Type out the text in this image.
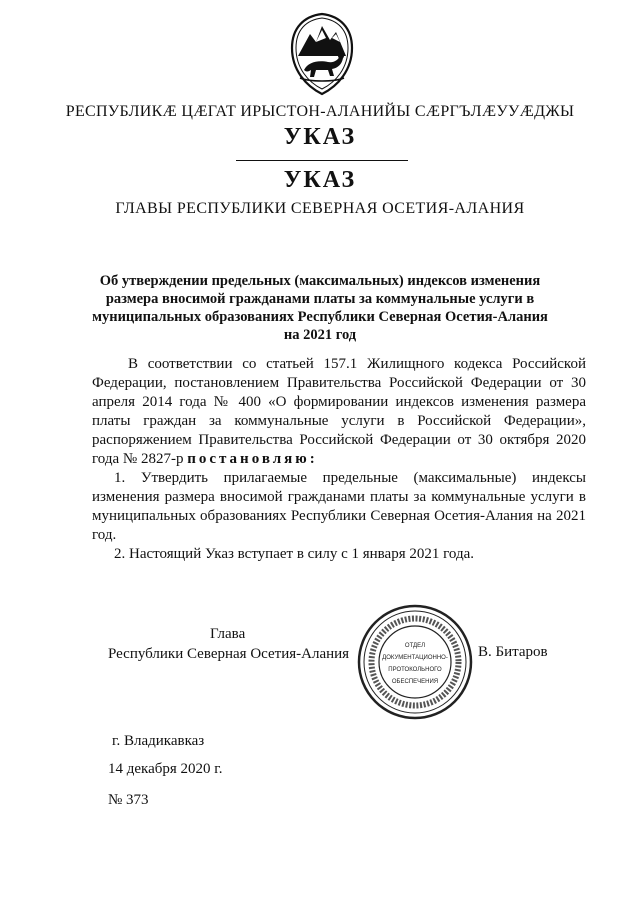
РЕСПУБЛИКÆ ЦÆГАТ ИРЫСТОН-АЛАНИЙЫ СÆРГЪЛÆУУÆДЖЫ
УКАЗ
УКАЗ
ГЛАВЫ РЕСПУБЛИКИ СЕВЕРНАЯ ОСЕТИЯ-АЛАНИЯ
Об утверждении предельных (максимальных) индексов изменения
размера вносимой гражданами платы за коммунальные услуги в
муниципальных образованиях Республики Северная Осетия-Алания
на 2021 год

В соответствии со статьей 157.1 Жилищного кодекса Российской Федерации, постановлением Правительства Российской Федерации от 30 апреля 2014 года № 400 «О формировании индексов изменения размера платы граждан за коммунальные услуги в Российской Федерации», распоряжением Правительства Российской Федерации от 30 октября 2020 года № 2827-р постановляю:

1. Утвердить прилагаемые предельные (максимальные) индексы изменения размера вносимой гражданами платы за коммунальные услуги в муниципальных образованиях Республики Северная Осетия-Алания на 2021 год.

2. Настоящий Указ вступает в силу с 1 января 2021 года.

Глава
Республики Северная Осетия-Алания	ОТДЕЛ
ДОКУМЕНТАЦИОННО-
ПРОТОКОЛЬНОГО
ОБЕСПЕЧЕНИЯ
В. Битаров
г. Владикавказ
14 декабря 2020 г.
№ 373
